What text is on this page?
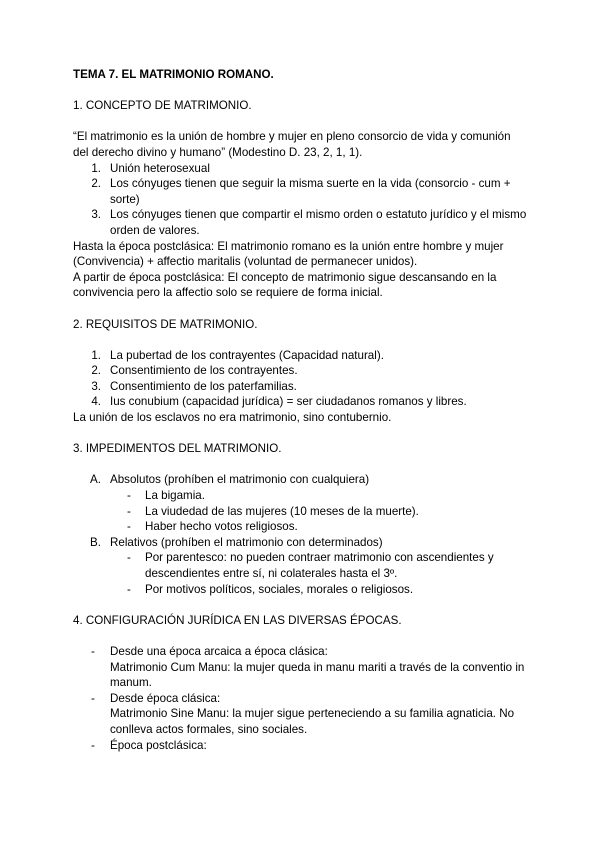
TEMA 7. EL MATRIMONIO ROMANO.

1. CONCEPTO DE MATRIMONIO.

“El matrimonio es la unión de hombre y mujer en pleno consorcio de vida y comunión del derecho divino y humano” (Modestino D. 23, 2, 1, 1).

1. Unión heterosexual
2. Los cónyuges tienen que seguir la misma suerte en la vida (consorcio - cum + sorte)
3. Los cónyuges tienen que compartir el mismo orden o estatuto jurídico y el mismo orden de valores.

Hasta la época postclásica: El matrimonio romano es la unión entre hombre y mujer (Convivencia) + affectio maritalis (voluntad de permanecer unidos).

A partir de época postclásica: El concepto de matrimonio sigue descansando en la convivencia pero la affectio solo se requiere de forma inicial.

2. REQUISITOS DE MATRIMONIO.

1. La pubertad de los contrayentes (Capacidad natural).
2. Consentimiento de los contrayentes.
3. Consentimiento de los paterfamilias.
4. Ius conubium (capacidad jurídica) = ser ciudadanos romanos y libres.

La unión de los esclavos no era matrimonio, sino contubernio.

3. IMPEDIMENTOS DEL MATRIMONIO.

A. Absolutos (prohíben el matrimonio con cualquiera)
- La bigamia.
- La viudedad de las mujeres (10 meses de la muerte).
- Haber hecho votos religiosos.
B. Relativos (prohíben el matrimonio con determinados)
- Por parentesco: no pueden contraer matrimonio con ascendientes y descendientes entre sí, ni colaterales hasta el 3º.
- Por motivos políticos, sociales, morales o religiosos.

4. CONFIGURACIÓN JURÍDICA EN LAS DIVERSAS ÉPOCAS.

- Desde una época arcaica a época clásica:
Matrimonio Cum Manu: la mujer queda in manu mariti a través de la conventio in manum.
- Desde época clásica:
Matrimonio Sine Manu: la mujer sigue perteneciendo a su familia agnaticia. No conlleva actos formales, sino sociales.
- Época postclásica:
